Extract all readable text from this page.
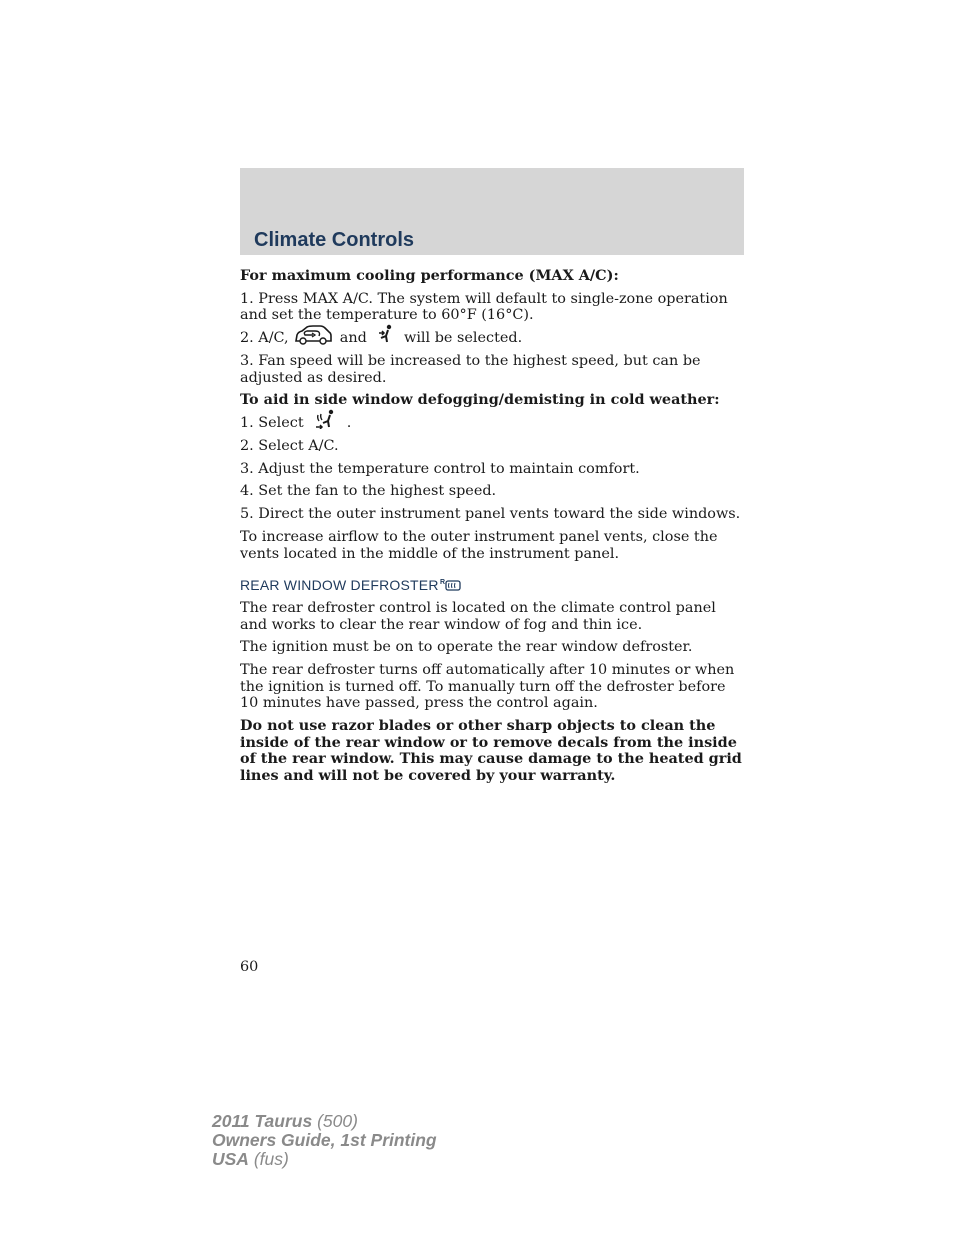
Climate Controls

For maximum cooling performance (MAX A/C):

1. Press MAX A/C. The system will default to single-zone operation and set the temperature to 60°F (16°C).

2. A/C,	and	will be selected.

3. Fan speed will be increased to the highest speed, but can be adjusted as desired.

To aid in side window defogging/demisting in cold weather:

1. Select	.

2. Select A/C.

3. Adjust the temperature control to maintain comfort.

4. Set the fan to the highest speed.

5. Direct the outer instrument panel vents toward the side windows.

To increase airflow to the outer instrument panel vents, close the vents located in the middle of the instrument panel.

REAR WINDOW DEFROSTER R

The rear defroster control is located on the climate control panel and works to clear the rear window of fog and thin ice.

The ignition must be on to operate the rear window defroster.

The rear defroster turns off automatically after 10 minutes or when the ignition is turned off. To manually turn off the defroster before 10 minutes have passed, press the control again.

Do not use razor blades or other sharp objects to clean the inside of the rear window or to remove decals from the inside of the rear window. This may cause damage to the heated grid lines and will not be covered by your warranty.

60

2011 Taurus (500)
Owners Guide, 1st Printing
USA (fus)
